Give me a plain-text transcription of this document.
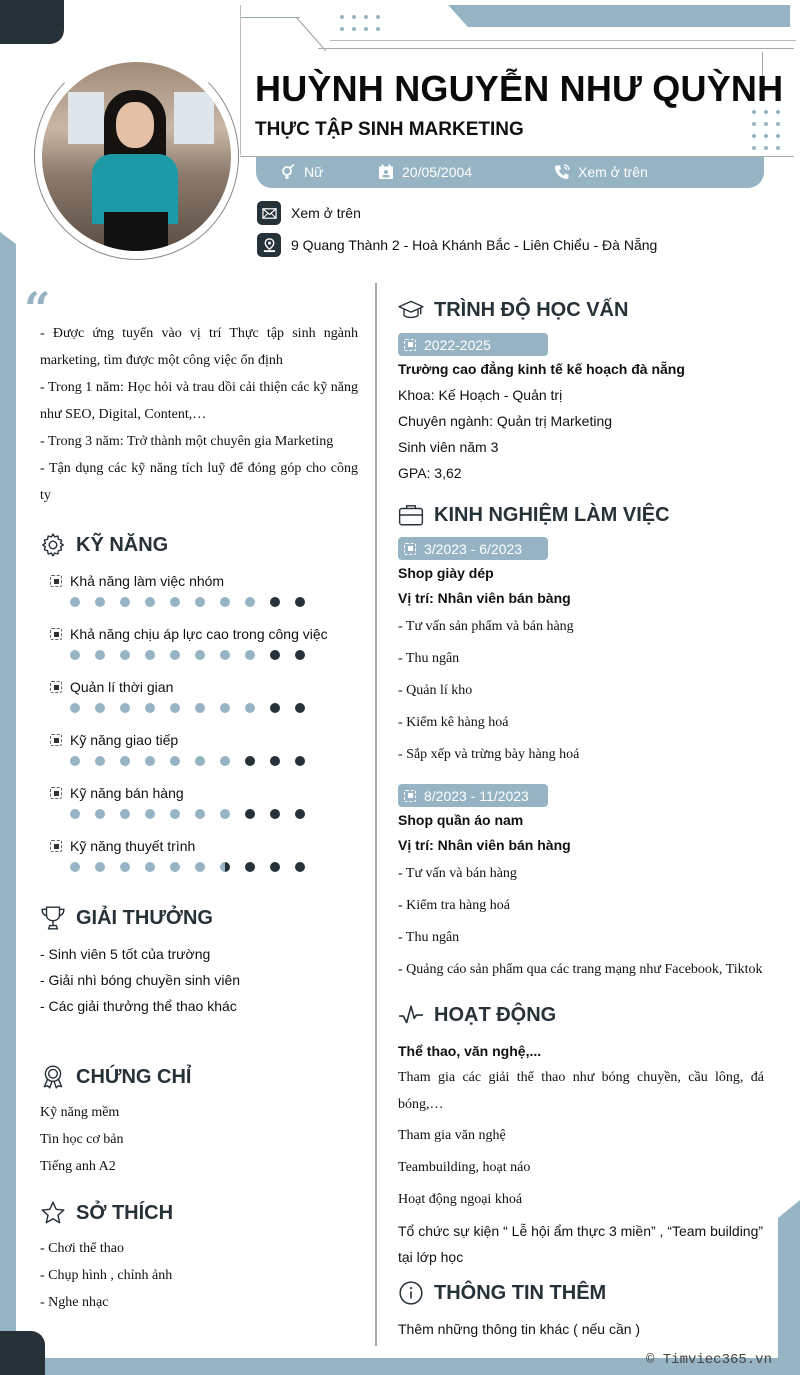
HUỲNH NGUYỄN NHƯ QUỲNH
THỰC TẬP SINH MARKETING
Nữ	20/05/2004	Xem ở trên
Xem ở trên
9 Quang Thành 2 - Hoà Khánh Bắc - Liên Chiểu - Đà Nẵng
“
- Được ứng tuyển vào vị trí Thực tập sinh ngành marketing, tìm được một công việc ổn định
- Trong 1 năm: Học hỏi và trau dồi cải thiện các kỹ năng như SEO, Digital, Content,…
- Trong 3 năm: Trở thành một chuyên gia Marketing
- Tận dụng các kỹ năng tích luỹ để đóng góp cho công ty
KỸ NĂNG
Khả năng làm việc nhóm
Khả năng chịu áp lực cao trong công việc
Quản lí thời gian
Kỹ năng giao tiếp
Kỹ năng bán hàng
Kỹ năng thuyết trình
GIẢI THƯỞNG
- Sinh viên 5 tốt của trường
- Giải nhì bóng chuyền sinh viên
- Các giải thưởng thể thao khác
CHỨNG CHỈ
Kỹ năng mềm
Tin học cơ bản
Tiếng anh A2
SỞ THÍCH
- Chơi thể thao
- Chụp hình , chỉnh ảnh
- Nghe nhạc
TRÌNH ĐỘ HỌC VẤN
2022-2025
Trường cao đẳng kinh tế kế hoạch đà nẵng
Khoa: Kế Hoạch - Quản trị
Chuyên ngành: Quản trị Marketing
Sinh viên năm 3
GPA: 3,62
KINH NGHIỆM LÀM VIỆC
3/2023 - 6/2023
Shop giày dép
Vị trí: Nhân viên bán bàng
- Tư vấn sản phẩm và bán hàng
- Thu ngân
- Quản lí kho
- Kiểm kê hàng hoá
- Sắp xếp và trừng bày hàng hoá
8/2023 - 11/2023
Shop quần áo nam
Vị trí: Nhân viên bán hàng
- Tư vấn và bán hàng
- Kiểm tra hàng hoá
- Thu ngân
- Quảng cáo sản phẩm qua các trang mạng như Facebook, Tiktok
HOẠT ĐỘNG
Thể thao, văn nghệ,...
Tham gia các giải thể thao như bóng chuyền, cầu lông, đá bóng,…
Tham gia văn nghệ
Teambuilding, hoạt náo
Hoạt động ngoại khoá
Tổ chức sự kiện “ Lễ hội ẩm thực 3 miền” , “Team building” tại lớp học
THÔNG TIN THÊM
Thêm những thông tin khác ( nếu cần )
© Timviec365.vn
